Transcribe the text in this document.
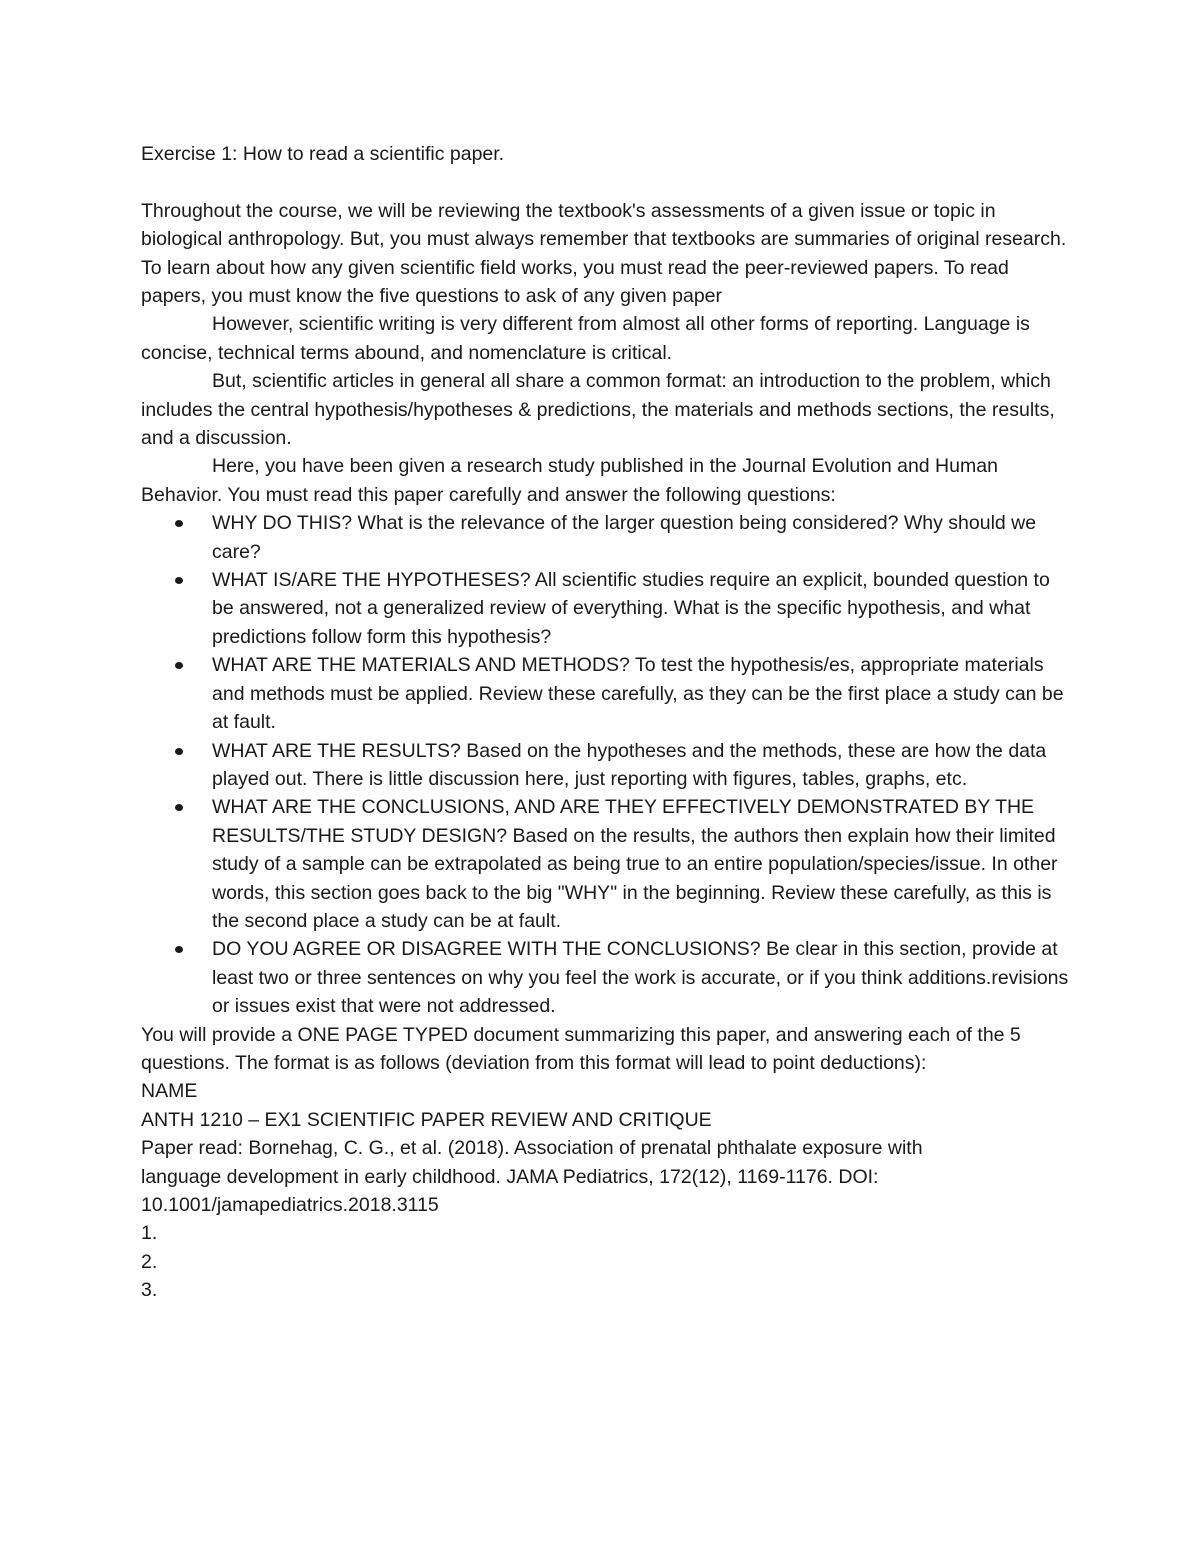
Exercise 1: How to read a scientific paper.

Throughout the course, we will be reviewing the textbook's assessments of a given issue or topic in biological anthropology. But, you must always remember that textbooks are summaries of original research. To learn about how any given scientific field works, you must read the peer-reviewed papers. To read papers, you must know the five questions to ask of any given paper

However, scientific writing is very different from almost all other forms of reporting. Language is concise, technical terms abound, and nomenclature is critical.

But, scientific articles in general all share a common format: an introduction to the problem, which includes the central hypothesis/hypotheses & predictions, the materials and methods sections, the results, and a discussion.

Here, you have been given a research study published in the Journal Evolution and Human Behavior. You must read this paper carefully and answer the following questions:

WHY DO THIS? What is the relevance of the larger question being considered? Why should we care?
WHAT IS/ARE THE HYPOTHESES? All scientific studies require an explicit, bounded question to be answered, not a generalized review of everything. What is the specific hypothesis, and what predictions follow form this hypothesis?
WHAT ARE THE MATERIALS AND METHODS? To test the hypothesis/es, appropriate materials and methods must be applied. Review these carefully, as they can be the first place a study can be at fault.
WHAT ARE THE RESULTS? Based on the hypotheses and the methods, these are how the data played out. There is little discussion here, just reporting with figures, tables, graphs, etc.
WHAT ARE THE CONCLUSIONS, AND ARE THEY EFFECTIVELY DEMONSTRATED BY THE RESULTS/THE STUDY DESIGN? Based on the results, the authors then explain how their limited study of a sample can be extrapolated as being true to an entire population/species/issue. In other words, this section goes back to the big "WHY" in the beginning. Review these carefully, as this is the second place a study can be at fault.
DO YOU AGREE OR DISAGREE WITH THE CONCLUSIONS? Be clear in this section, provide at least two or three sentences on why you feel the work is accurate, or if you think additions.revisions or issues exist that were not addressed.

You will provide a ONE PAGE TYPED document summarizing this paper, and answering each of the 5 questions. The format is as follows (deviation from this format will lead to point deductions):

NAME

ANTH 1210 – EX1 SCIENTIFIC PAPER REVIEW AND CRITIQUE

Paper read: Bornehag, C. G., et al. (2018). Association of prenatal phthalate exposure with

language development in early childhood. JAMA Pediatrics, 172(12), 1169-1176. DOI:

10.1001/jamapediatrics.2018.3115

1.

2.

3.
